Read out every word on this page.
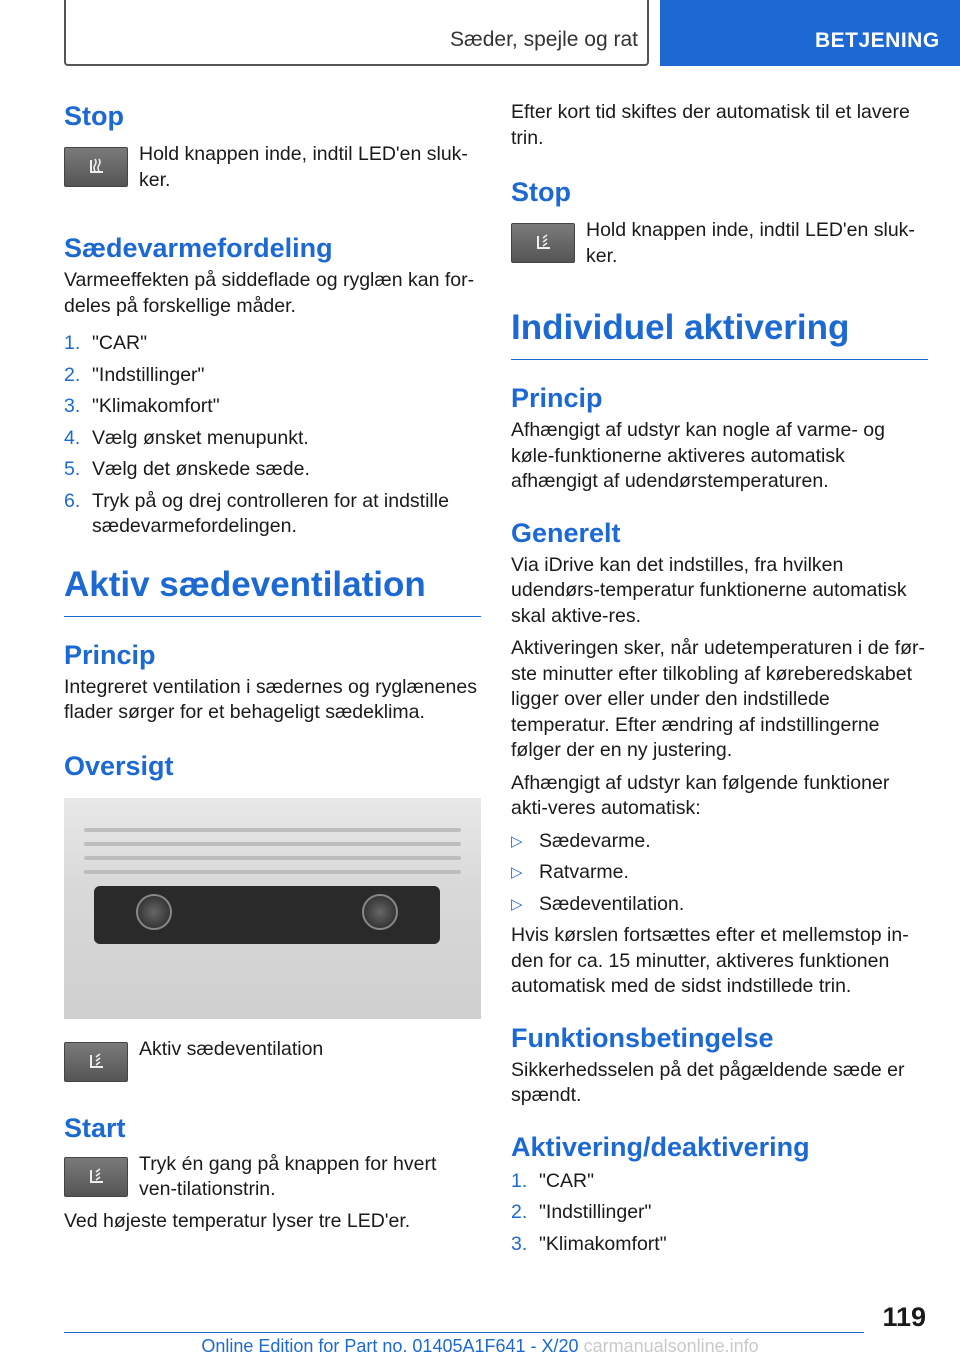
Sæder, spejle og rat	BETJENING
Stop
Hold knappen inde, indtil LED'en sluk-ker.
Sædevarmefordeling
Varmeeffekten på siddeflade og ryglæn kan for-deles på forskellige måder.
1. "CAR"
2. "Indstillinger"
3. "Klimakomfort"
4. Vælg ønsket menupunkt.
5. Vælg det ønskede sæde.
6. Tryk på og drej controlleren for at indstille sædevarmefordelingen.
Aktiv sædeventilation
Princip
Integreret ventilation i sædernes og ryglænenes flader sørger for et behageligt sædeklima.
Oversigt
Aktiv sædeventilation
Start
Tryk én gang på knappen for hvert ven-tilationstrin.
Ved højeste temperatur lyser tre LED'er.
Efter kort tid skiftes der automatisk til et lavere trin.
Stop
Hold knappen inde, indtil LED'en sluk-ker.
Individuel aktivering
Princip
Afhængigt af udstyr kan nogle af varme- og køle-funktionerne aktiveres automatisk afhængigt af udendørstemperaturen.
Generelt
Via iDrive kan det indstilles, fra hvilken udendørs-temperatur funktionerne automatisk skal aktive-res.
Aktiveringen sker, når udetemperaturen i de før-ste minutter efter tilkobling af køreberedskabet ligger over eller under den indstillede temperatur. Efter ændring af indstillingerne følger der en ny justering.
Afhængigt af udstyr kan følgende funktioner akti-veres automatisk:
▷ Sædevarme.
▷ Ratvarme.
▷ Sædeventilation.
Hvis kørslen fortsættes efter et mellemstop in-den for ca. 15 minutter, aktiveres funktionen automatisk med de sidst indstillede trin.
Funktionsbetingelse
Sikkerhedsselen på det pågældende sæde er spændt.
Aktivering/deaktivering
1. "CAR"
2. "Indstillinger"
3. "Klimakomfort"
119
Online Edition for Part no. 01405A1F641 - X/20 carmanualsonline.info
